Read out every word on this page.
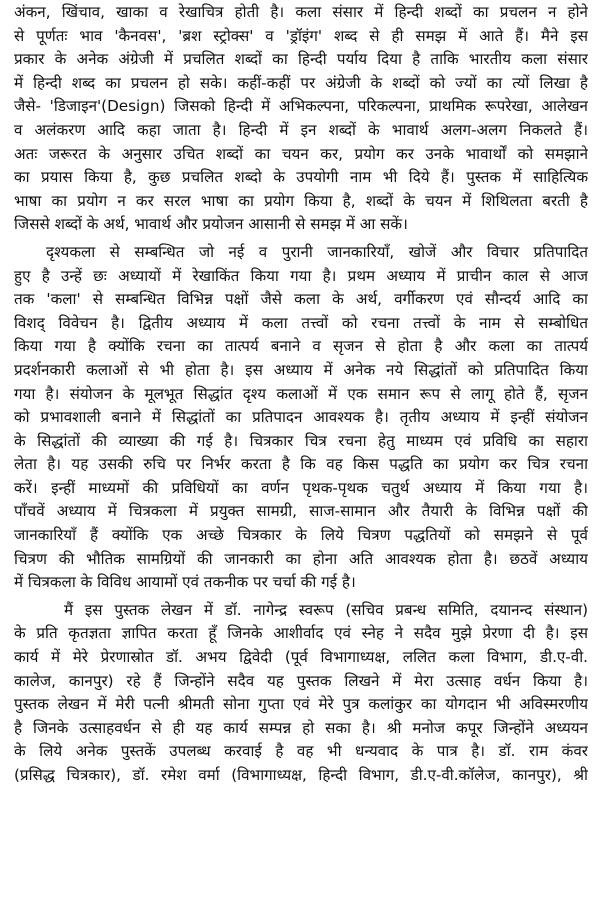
अंकन, खिंचाव, खाका व रेखाचित्र होती है। कला संसार में हिन्दी शब्दों का प्रचलन न होने
से पूर्णतः भाव 'कैनवस', 'ब्रश स्ट्रोक्स' व 'ड्रॉइंग' शब्द से ही समझ में आते हैं। मैने इस
प्रकार के अनेक अंग्रेजी में प्रचलित शब्दों का हिन्दी पर्याय दिया है ताकि भारतीय कला संसार
में हिन्दी शब्द का प्रचलन हो सके। कहीं-कहीं पर अंग्रेजी के शब्दों को ज्यों का त्यों लिखा है
जैसे- 'डिजाइन'(Design) जिसको हिन्दी में अभिकल्पना, परिकल्पना, प्राथमिक रूपरेखा, आलेखन
व अलंकरण आदि कहा जाता है। हिन्दी में इन शब्दों के भावार्थ अलग-अलग निकलते हैं।
अतः जरूरत के अनुसार उचित शब्दों का चयन कर, प्रयोग कर उनके भावार्थों को समझाने
का प्रयास किया है, कुछ प्रचलित शब्दो के उपयोगी नाम भी दिये हैं। पुस्तक में साहित्यिक
भाषा का प्रयोग न कर सरल भाषा का प्रयोग किया है, शब्दों के चयन में शिथिलता बरती है
जिससे शब्दों के अर्थ, भावार्थ और प्रयोजन आसानी से समझ में आ सकें।
दृश्यकला से सम्बन्धित जो नई व पुरानी जानकारियाँ, खोजें और विचार प्रतिपादित
हुए है उन्हें छः अध्यायों में रेखाकिंत किया गया है। प्रथम अध्याय में प्राचीन काल से आज
तक 'कला' से सम्बन्धित विभिन्न पक्षों जैसे कला के अर्थ, वर्गीकरण एवं सौन्दर्य आदि का
विशद् विवेचन है। द्वितीय अध्याय में कला तत्त्वों को रचना तत्त्वों के नाम से सम्बोधित
किया गया है क्योंकि रचना का तात्पर्य बनाने व सृजन से होता है और कला का तात्पर्य
प्रदर्शनकारी कलाओं से भी होता है। इस अध्याय में अनेक नये सिद्धांतों को प्रतिपादित किया
गया है। संयोजन के मूलभूत सिद्धांत दृश्य कलाओं में एक समान रूप से लागू होते हैं, सृजन
को प्रभावशाली बनाने में सिद्धांतों का प्रतिपादन आवश्यक है। तृतीय अध्याय में इन्हीं संयोजन
के सिद्धांतों की व्याख्या की गई है। चित्रकार चित्र रचना हेतु माध्यम एवं प्रविधि का सहारा
लेता है। यह उसकी रुचि पर निर्भर करता है कि वह किस पद्धति का प्रयोग कर चित्र रचना
करें। इन्हीं माध्यमों की प्रविधियों का वर्णन पृथक-पृथक चतुर्थ अध्याय में किया गया है।
पाँचवें अध्याय में चित्रकला में प्रयुक्त सामग्री, साज-सामान और तैयारी के विभिन्न पक्षों की
जानकारियाँ हैं क्योंकि एक अच्छे चित्रकार के लिये चित्रण पद्धतियों को समझने से पूर्व
चित्रण की भौतिक सामग्रियों की जानकारी का होना अति आवश्यक होता है। छठवें अध्याय
में चित्रकला के विविध आयामों एवं तकनीक पर चर्चा की गई है।
मैं इस पुस्तक लेखन में डॉ. नागेन्द्र स्वरूप (सचिव प्रबन्ध समिति, दयानन्द संस्थान)
के प्रति कृतज्ञता ज्ञापित करता हूँ जिनके आशीर्वाद एवं स्नेह ने सदैव मुझे प्रेरणा दी है। इस
कार्य में मेरे प्रेरणास्रोत डॉ. अभय द्विवेदी (पूर्व विभागाध्यक्ष, ललित कला विभाग, डी.ए-वी.
कालेज, कानपुर) रहे हैं जिन्होंने सदैव यह पुस्तक लिखने में मेरा उत्साह वर्धन किया है।
पुस्तक लेखन में मेरी पत्नी श्रीमती सोना गुप्ता एवं मेरे पुत्र कलांकुर का योगदान भी अविस्मरणीय
है जिनके उत्साहवर्धन से ही यह कार्य सम्पन्न हो सका है। श्री मनोज कपूर जिन्होंने अध्ययन
के लिये अनेक पुस्तकें उपलब्ध करवाई है वह भी धन्यवाद के पात्र है। डॉ. राम कंवर
(प्रसिद्ध चित्रकार), डॉ. रमेश वर्मा (विभागाध्यक्ष, हिन्दी विभाग, डी.ए-वी.कॉलेज, कानपुर), श्री
